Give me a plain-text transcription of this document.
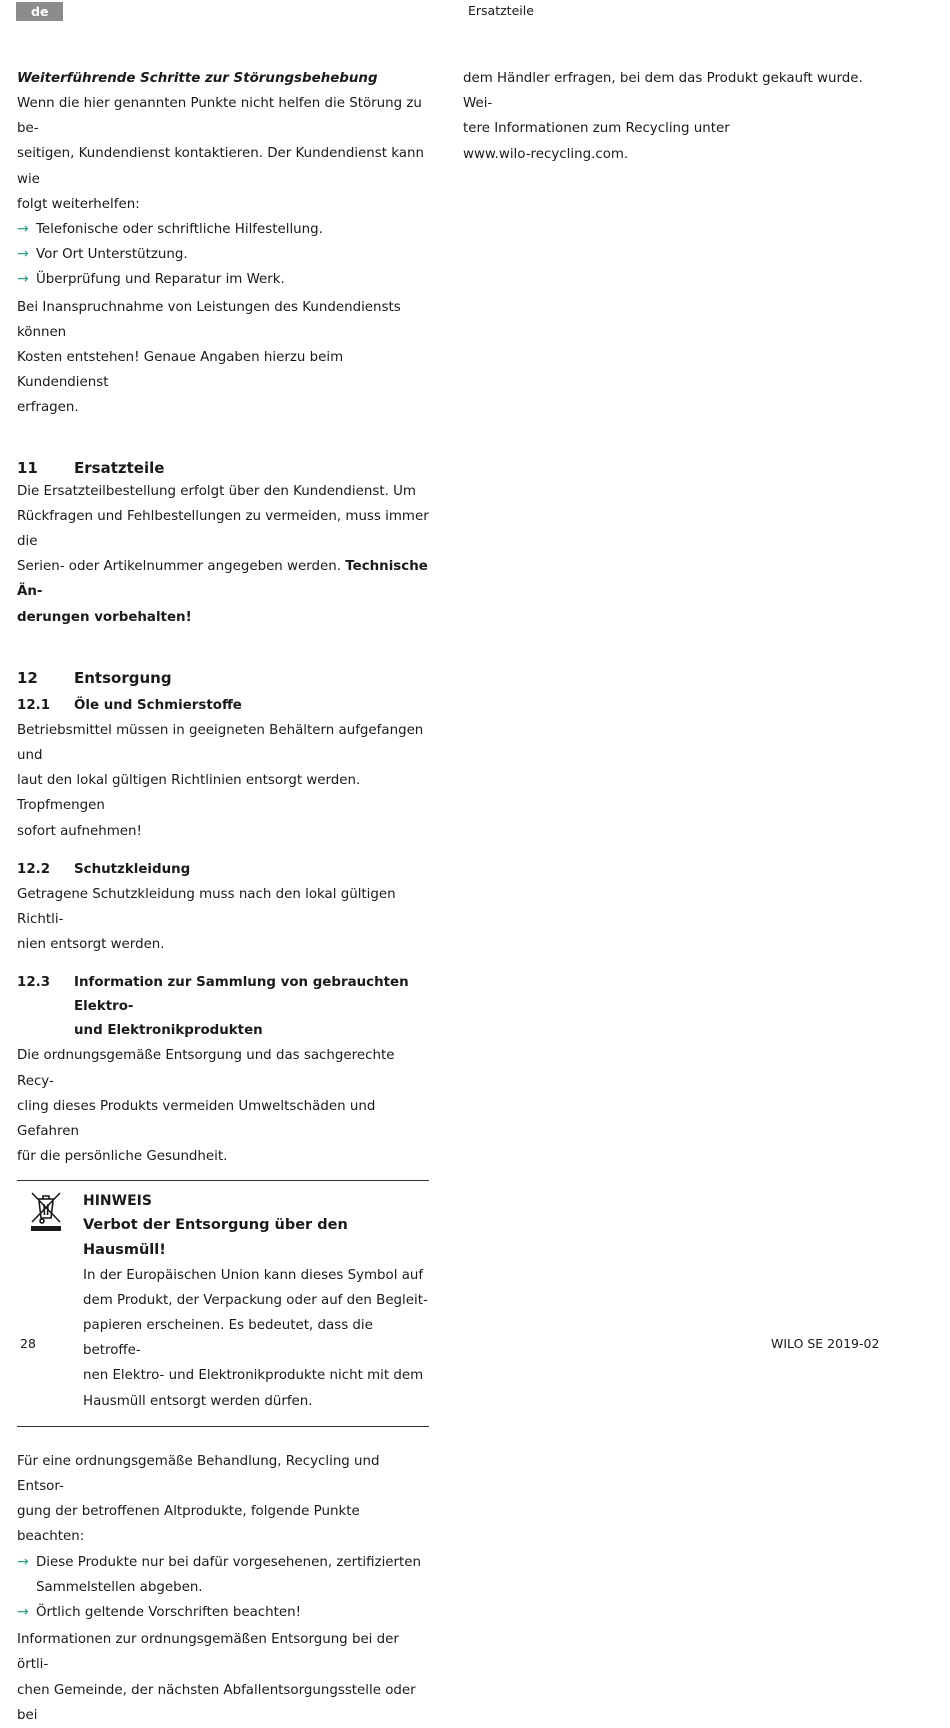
de	Ersatzteile

Weiterführende Schritte zur Störungsbehebung

Wenn die hier genannten Punkte nicht helfen die Störung zu be-

seitigen, Kundendienst kontaktieren. Der Kundendienst kann wie

folgt weiterhelfen:

→ Telefonische oder schriftliche Hilfestellung.
→ Vor Ort Unterstützung.
→ Überprüfung und Reparatur im Werk.

Bei Inanspruchnahme von Leistungen des Kundendiensts können

Kosten entstehen! Genaue Angaben hierzu beim Kundendienst

erfragen.

11	Ersatzteile

Die Ersatzteilbestellung erfolgt über den Kundendienst. Um

Rückfragen und Fehlbestellungen zu vermeiden, muss immer die

Serien- oder Artikelnummer angegeben werden. Technische Än-

derungen vorbehalten!

12	Entsorgung
12.1	Öle und Schmierstoffe

Betriebsmittel müssen in geeigneten Behältern aufgefangen und

laut den lokal gültigen Richtlinien entsorgt werden. Tropfmengen

sofort aufnehmen!

12.2	Schutzkleidung

Getragene Schutzkleidung muss nach den lokal gültigen Richtli-

nien entsorgt werden.

12.3	Information zur Sammlung von gebrauchten Elektro-
und Elektronikprodukten

Die ordnungsgemäße Entsorgung und das sachgerechte Recy-

cling dieses Produkts vermeiden Umweltschäden und Gefahren

für die persönliche Gesundheit.

HINWEIS
Verbot der Entsorgung über den Hausmüll!

In der Europäischen Union kann dieses Symbol auf

dem Produkt, der Verpackung oder auf den Begleit-

papieren erscheinen. Es bedeutet, dass die betroffe-

nen Elektro- und Elektronikprodukte nicht mit dem

Hausmüll entsorgt werden dürfen.

Für eine ordnungsgemäße Behandlung, Recycling und Entsor-

gung der betroffenen Altprodukte, folgende Punkte beachten:

→ Diese Produkte nur bei dafür vorgesehenen, zertifizierten
Sammelstellen abgeben.
→ Örtlich geltende Vorschriften beachten!

Informationen zur ordnungsgemäßen Entsorgung bei der örtli-

chen Gemeinde, der nächsten Abfallentsorgungsstelle oder bei

dem Händler erfragen, bei dem das Produkt gekauft wurde. Wei-

tere Informationen zum Recycling unter

www.wilo-recycling.com.

28	WILO SE 2019-02
